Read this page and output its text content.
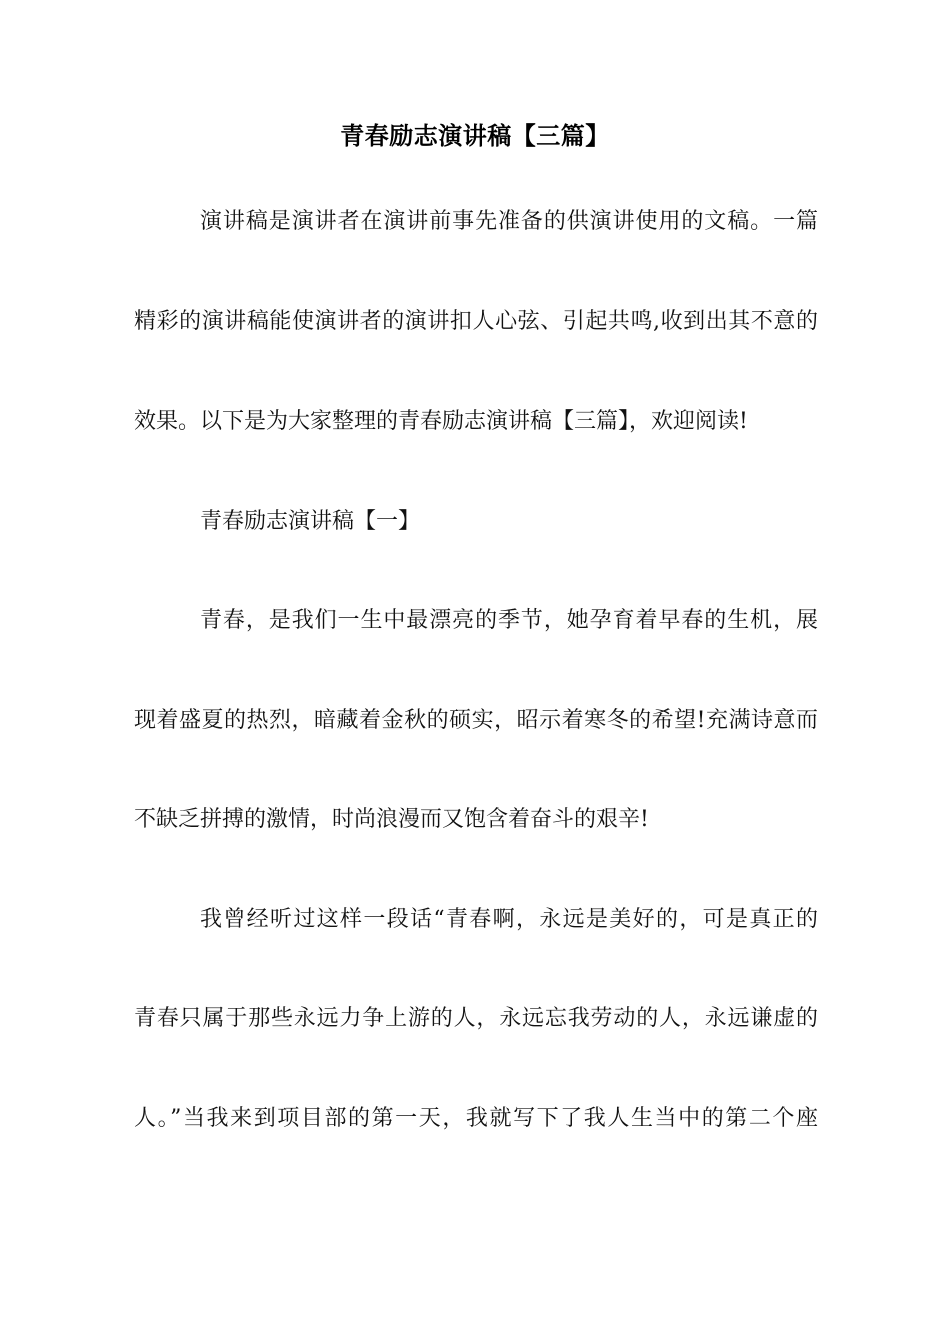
青春励志演讲稿【三篇】
演讲稿是演讲者在演讲前事先准备的供演讲使用的文稿。一篇
精彩的演讲稿能使演讲者的演讲扣人心弦、引起共鸣,收到出其不意的
效果。以下是为大家整理的青春励志演讲稿【三篇】，欢迎阅读!
青春励志演讲稿【一】
青春，是我们一生中最漂亮的季节，她孕育着早春的生机，展
现着盛夏的热烈，暗藏着金秋的硕实，昭示着寒冬的希望!充满诗意而
不缺乏拼搏的激情，时尚浪漫而又饱含着奋斗的艰辛!
我曾经听过这样一段话“青春啊，永远是美好的，可是真正的
青春只属于那些永远力争上游的人，永远忘我劳动的人，永远谦虚的
人。”当我来到项目部的第一天，我就写下了我人生当中的第二个座
